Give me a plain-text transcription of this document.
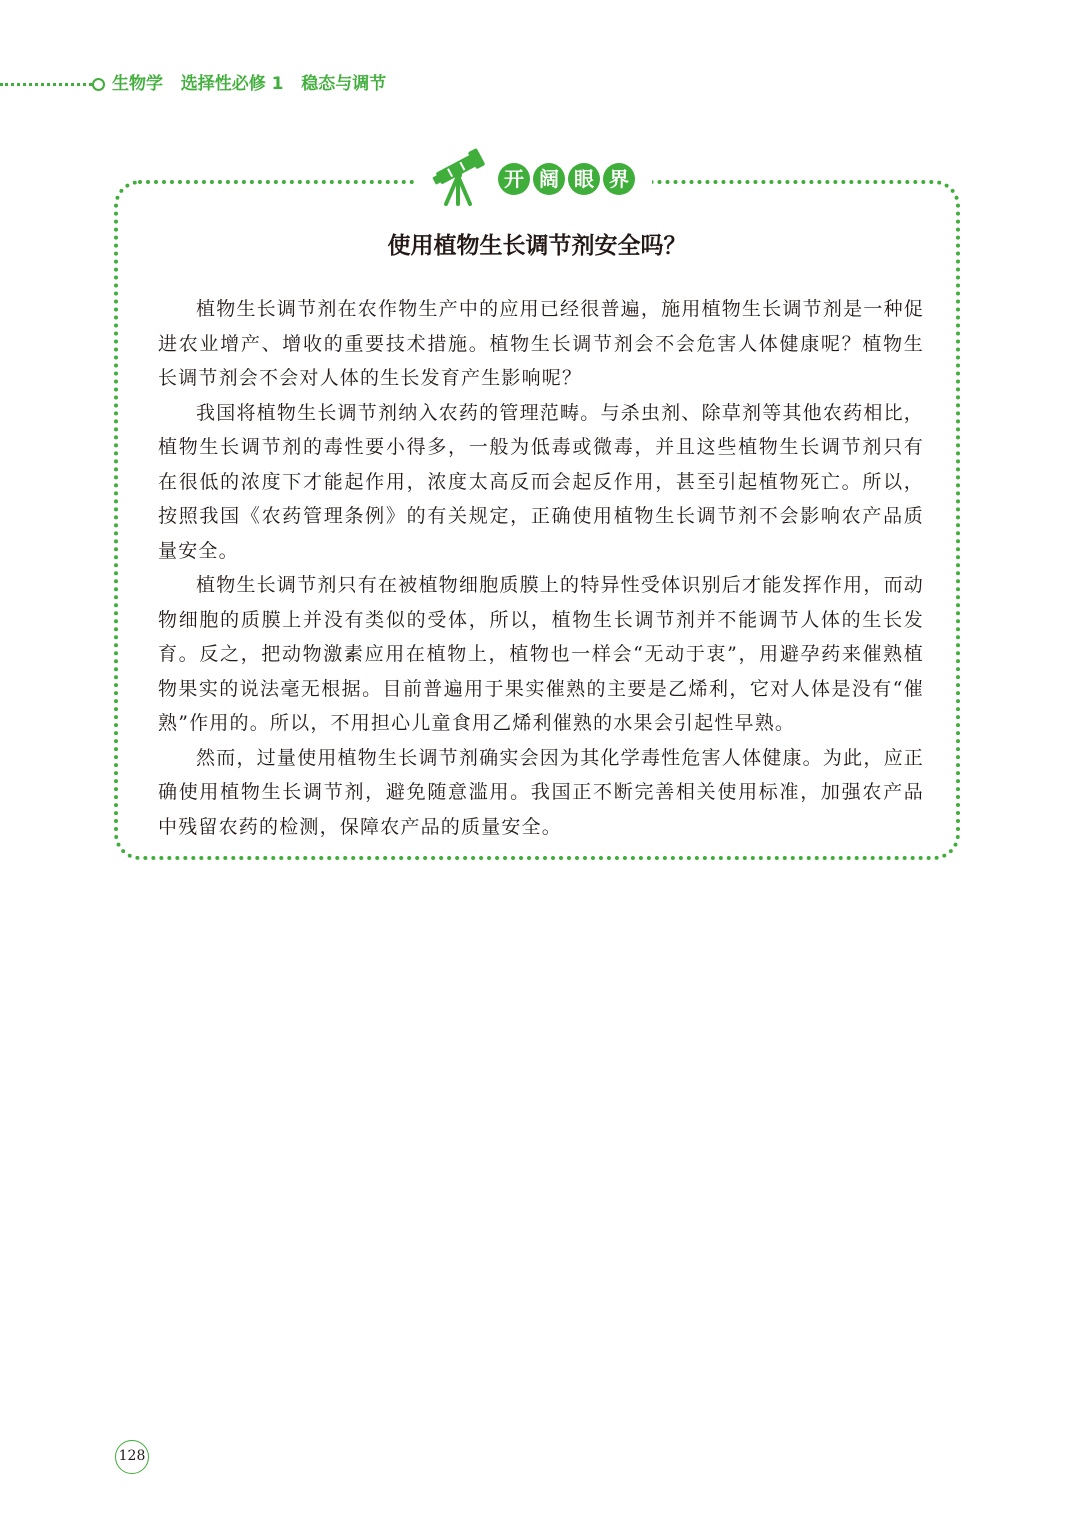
生物学 选择性必修 1 稳态与调节
开 阔 眼 界
使用植物生长调节剂安全吗？

植物生长调节剂在农作物生产中的应用已经很普遍，施用植物生长调节剂是一种促进农业增产、增收的重要技术措施。植物生长调节剂会不会危害人体健康呢？植物生长调节剂会不会对人体的生长发育产生影响呢？

我国将植物生长调节剂纳入农药的管理范畴。与杀虫剂、除草剂等其他农药相比，植物生长调节剂的毒性要小得多，一般为低毒或微毒，并且这些植物生长调节剂只有在很低的浓度下才能起作用，浓度太高反而会起反作用，甚至引起植物死亡。所以，按照我国《农药管理条例》的有关规定，正确使用植物生长调节剂不会影响农产品质量安全。

植物生长调节剂只有在被植物细胞质膜上的特异性受体识别后才能发挥作用，而动物细胞的质膜上并没有类似的受体，所以，植物生长调节剂并不能调节人体的生长发育。反之，把动物激素应用在植物上，植物也一样会“无动于衷”，用避孕药来催熟植物果实的说法毫无根据。目前普遍用于果实催熟的主要是乙烯利，它对人体是没有“催熟”作用的。所以，不用担心儿童食用乙烯利催熟的水果会引起性早熟。

然而，过量使用植物生长调节剂确实会因为其化学毒性危害人体健康。为此，应正确使用植物生长调节剂，避免随意滥用。我国正不断完善相关使用标准，加强农产品中残留农药的检测，保障农产品的质量安全。

128
